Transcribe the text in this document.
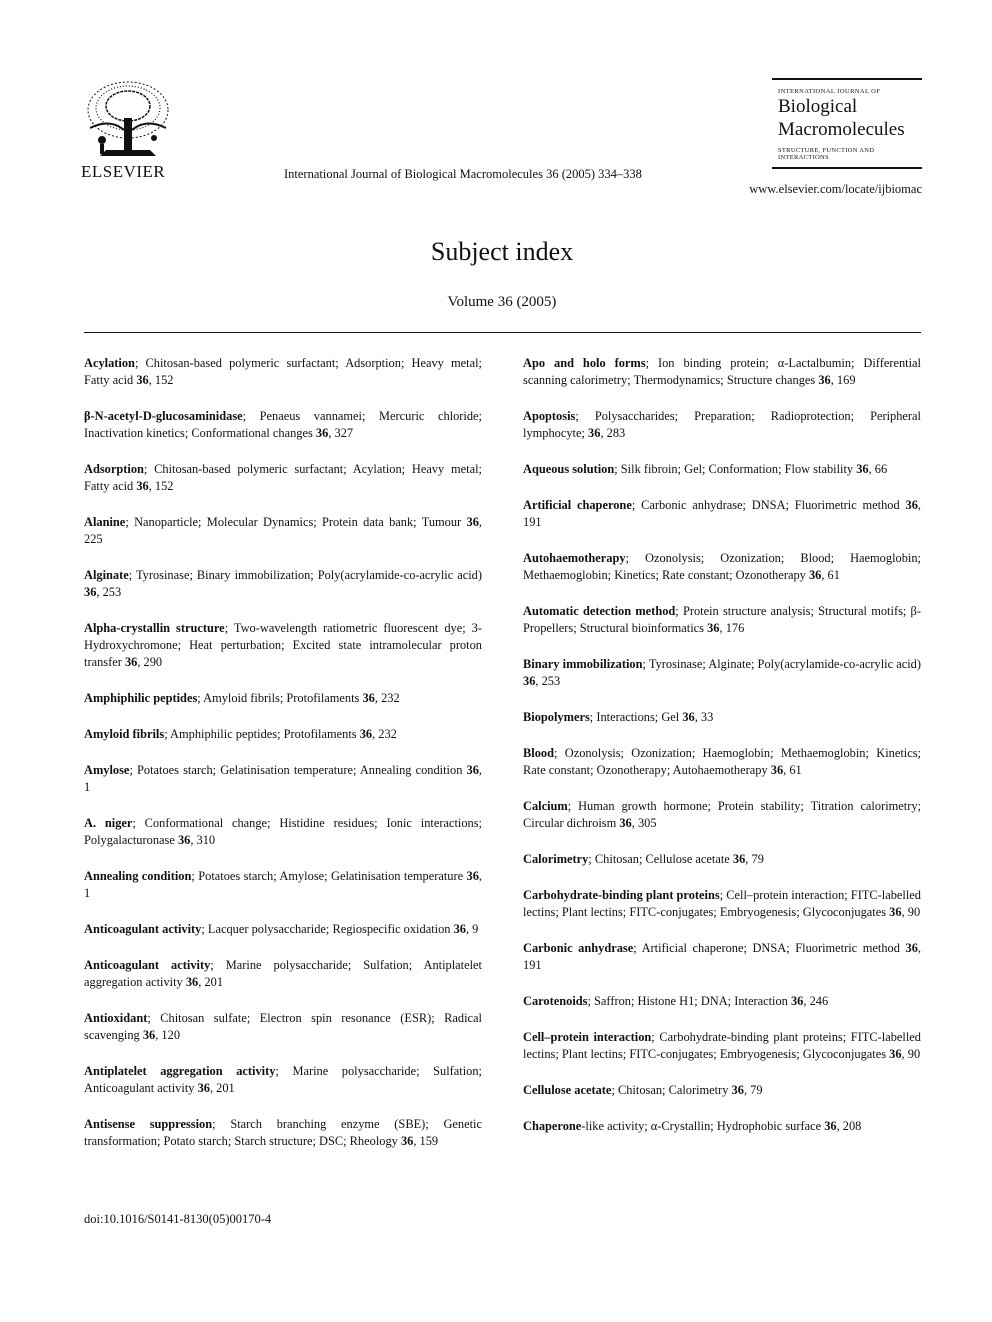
ELSEVIER	International Journal of Biological Macromolecules 36 (2005) 334–338
INTERNATIONAL JOURNAL OF
Biological
Macromolecules
STRUCTURE, FUNCTION AND INTERACTIONS
www.elsevier.com/locate/ijbiomac
Subject index
Volume 36 (2005)
Acylation; Chitosan-based polymeric surfactant; Adsorption; Heavy metal; Fatty acid 36, 152
β-N-acetyl-D-glucosaminidase; Penaeus vannamei; Mercuric chloride; Inactivation kinetics; Conformational changes 36, 327
Adsorption; Chitosan-based polymeric surfactant; Acylation; Heavy metal; Fatty acid 36, 152
Alanine; Nanoparticle; Molecular Dynamics; Protein data bank; Tumour 36, 225
Alginate; Tyrosinase; Binary immobilization; Poly(acrylamide-co-acrylic acid) 36, 253
Alpha-crystallin structure; Two-wavelength ratiometric fluorescent dye; 3-Hydroxychromone; Heat perturbation; Excited state intramolecular proton transfer 36, 290
Amphiphilic peptides; Amyloid fibrils; Protofilaments 36, 232
Amyloid fibrils; Amphiphilic peptides; Protofilaments 36, 232
Amylose; Potatoes starch; Gelatinisation temperature; Annealing condition 36, 1
A. niger; Conformational change; Histidine residues; Ionic interactions; Polygalacturonase 36, 310
Annealing condition; Potatoes starch; Amylose; Gelatinisation temperature 36, 1
Anticoagulant activity; Lacquer polysaccharide; Regiospecific oxidation 36, 9
Anticoagulant activity; Marine polysaccharide; Sulfation; Antiplatelet aggregation activity 36, 201
Antioxidant; Chitosan sulfate; Electron spin resonance (ESR); Radical scavenging 36, 120
Antiplatelet aggregation activity; Marine polysaccharide; Sulfation; Anticoagulant activity 36, 201
Antisense suppression; Starch branching enzyme (SBE); Genetic transformation; Potato starch; Starch structure; DSC; Rheology 36, 159
Apo and holo forms; Ion binding protein; α-Lactalbumin; Differential scanning calorimetry; Thermodynamics; Structure changes 36, 169
Apoptosis; Polysaccharides; Preparation; Radioprotection; Peripheral lymphocyte; 36, 283
Aqueous solution; Silk fibroin; Gel; Conformation; Flow stability 36, 66
Artificial chaperone; Carbonic anhydrase; DNSA; Fluorimetric method 36, 191
Autohaemotherapy; Ozonolysis; Ozonization; Blood; Haemoglobin; Methaemoglobin; Kinetics; Rate constant; Ozonotherapy 36, 61
Automatic detection method; Protein structure analysis; Structural motifs; β-Propellers; Structural bioinformatics 36, 176
Binary immobilization; Tyrosinase; Alginate; Poly(acrylamide-co-acrylic acid) 36, 253
Biopolymers; Interactions; Gel 36, 33
Blood; Ozonolysis; Ozonization; Haemoglobin; Methaemoglobin; Kinetics; Rate constant; Ozonotherapy; Autohaemotherapy 36, 61
Calcium; Human growth hormone; Protein stability; Titration calorimetry; Circular dichroism 36, 305
Calorimetry; Chitosan; Cellulose acetate 36, 79
Carbohydrate-binding plant proteins; Cell–protein interaction; FITC-labelled lectins; Plant lectins; FITC-conjugates; Embryogenesis; Glycoconjugates 36, 90
Carbonic anhydrase; Artificial chaperone; DNSA; Fluorimetric method 36, 191
Carotenoids; Saffron; Histone H1; DNA; Interaction 36, 246
Cell–protein interaction; Carbohydrate-binding plant proteins; FITC-labelled lectins; Plant lectins; FITC-conjugates; Embryogenesis; Glycoconjugates 36, 90
Cellulose acetate; Chitosan; Calorimetry 36, 79
Chaperone-like activity; α-Crystallin; Hydrophobic surface 36, 208
doi:10.1016/S0141-8130(05)00170-4
